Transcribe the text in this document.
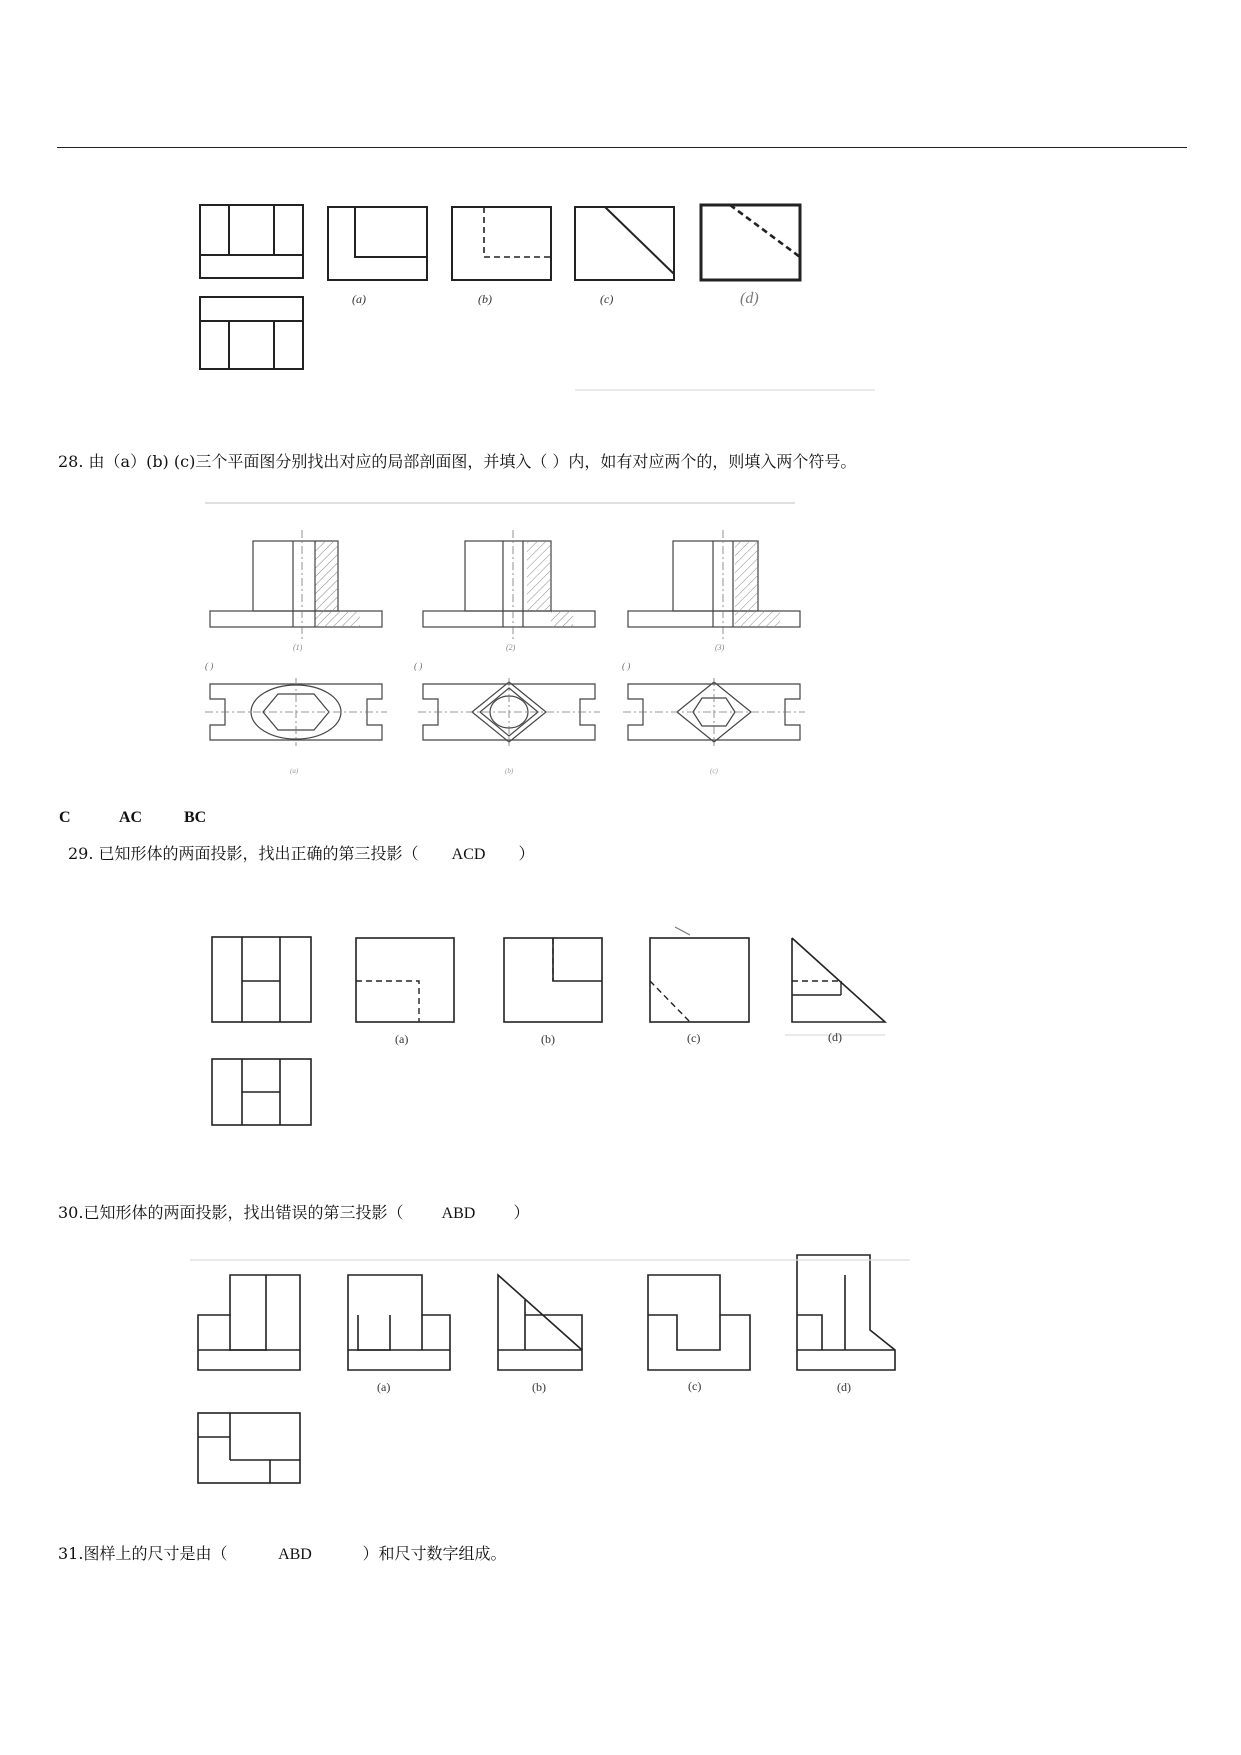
(a)	(b)	(c)	(d)
28. 由（a）(b) (c)三个平面图分别找出对应的局部剖面图，并填入（ ）内，如有对应两个的，则填入两个符号。
(1)	(2)	(3)
( )	( )	( )
(a)	(b)	(c)
C	AC	BC
29. 已知形体的两面投影，找出正确的第三投影（ ACD ）
(a)	(b)	(c)	(d)
30.已知形体的两面投影，找出错误的第三投影（ ABD ）
(a)	(b)	(c)	(d)
31.图样上的尺寸是由（	ABD	）和尺寸数字组成。
